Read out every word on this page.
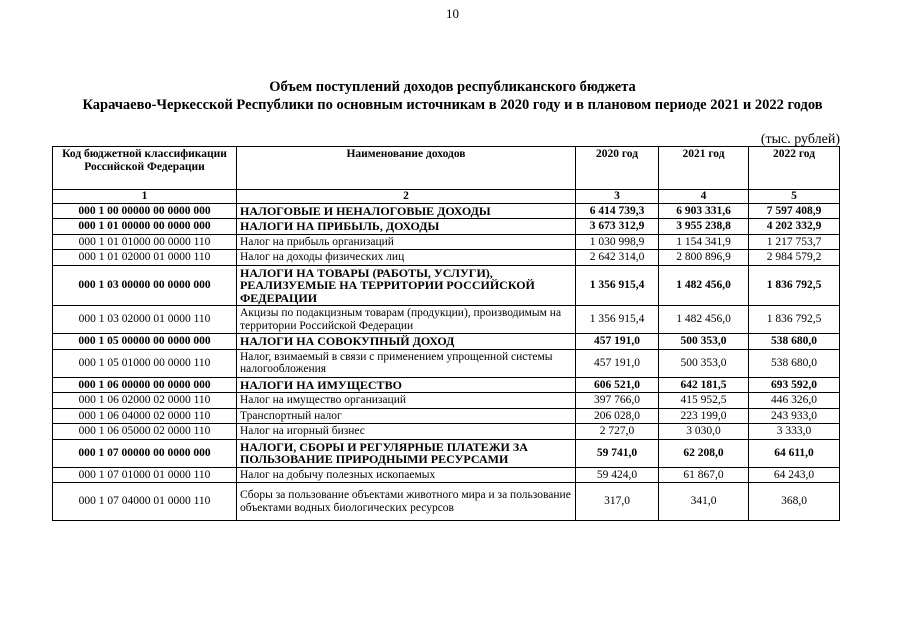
10
Объем поступлений доходов республиканского бюджета
Карачаево-Черкесской Республики по основным источникам в 2020 году и в плановом периоде 2021 и 2022 годов
(тыс. рублей)
Код бюджетной классификации Российской Федерации	Наименование доходов	2020 год	2021 год	2022 год
1	2	3	4	5
000 1 00 00000 00 0000 000	НАЛОГОВЫЕ И НЕНАЛОГОВЫЕ ДОХОДЫ	6 414 739,3	6 903 331,6	7 597 408,9
000 1 01 00000 00 0000 000	НАЛОГИ НА ПРИБЫЛЬ, ДОХОДЫ	3 673 312,9	3 955 238,8	4 202 332,9
000 1 01 01000 00 0000 110	Налог на прибыль организаций	1 030 998,9	1 154 341,9	1 217 753,7
000 1 01 02000 01 0000 110	Налог на доходы физических лиц	2 642 314,0	2 800 896,9	2 984 579,2
000 1 03 00000 00 0000 000	НАЛОГИ НА ТОВАРЫ (РАБОТЫ, УСЛУГИ), РЕАЛИЗУЕМЫЕ НА ТЕРРИТОРИИ РОССИЙСКОЙ ФЕДЕРАЦИИ	1 356 915,4	1 482 456,0	1 836 792,5
000 1 03 02000 01 0000 110	Акцизы по подакцизным товарам (продукции), производимым на территории Российской Федерации	1 356 915,4	1 482 456,0	1 836 792,5
000 1 05 00000 00 0000 000	НАЛОГИ НА СОВОКУПНЫЙ ДОХОД	457 191,0	500 353,0	538 680,0
000 1 05 01000 00 0000 110	Налог, взимаемый в связи с применением упрощенной системы налогообложения	457 191,0	500 353,0	538 680,0
000 1 06 00000 00 0000 000	НАЛОГИ НА ИМУЩЕСТВО	606 521,0	642 181,5	693 592,0
000 1 06 02000 02 0000 110	Налог на имущество организаций	397 766,0	415 952,5	446 326,0
000 1 06 04000 02 0000 110	Транспортный налог	206 028,0	223 199,0	243 933,0
000 1 06 05000 02 0000 110	Налог на игорный бизнес	2 727,0	3 030,0	3 333,0
000 1 07 00000 00 0000 000	НАЛОГИ, СБОРЫ И РЕГУЛЯРНЫЕ ПЛАТЕЖИ ЗА ПОЛЬЗОВАНИЕ ПРИРОДНЫМИ РЕСУРСАМИ	59 741,0	62 208,0	64 611,0
000 1 07 01000 01 0000 110	Налог на добычу полезных ископаемых	59 424,0	61 867,0	64 243,0
000 1 07 04000 01 0000 110	Сборы за пользование объектами животного мира и за пользование объектами водных биологических ресурсов	317,0	341,0	368,0
